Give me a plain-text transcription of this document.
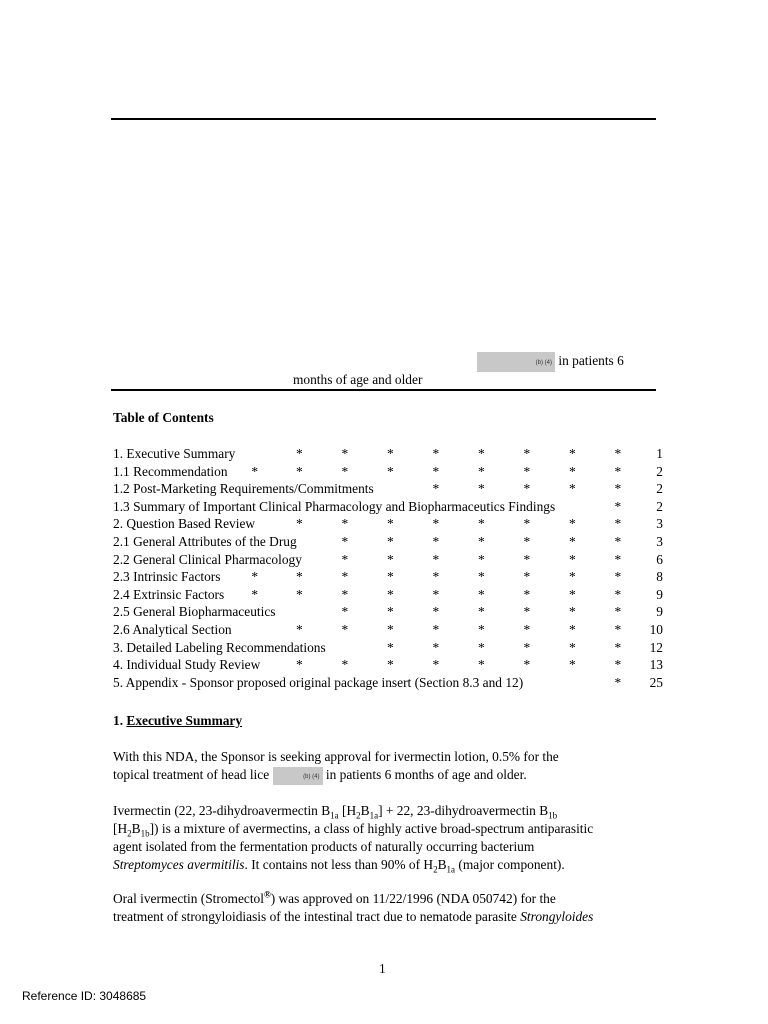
(b) (4) in patients 6
months of age and older
Table of Contents
1. Executive Summary	*	*	*	*	*	*	*	*	1
1.1 Recommendation *	*	*	*	*	*	*	*	*	2
1.2 Post-Marketing Requirements/Commitments	*	*	*	*	*	2
1.3 Summary of Important Clinical Pharmacology and Biopharmaceutics Findings	*	2
2. Question Based Review	*	*	*	*	*	*	*	*	3
2.1 General Attributes of the Drug	*	*	*	*	*	*	*	3
2.2 General Clinical Pharmacology	*	*	*	*	*	*	*	6
2.3 Intrinsic Factors *	*	*	*	*	*	*	*	*	8
2.4 Extrinsic Factors *	*	*	*	*	*	*	*	*	9
2.5 General Biopharmaceutics	*	*	*	*	*	*	*	9
2.6 Analytical Section	*	*	*	*	*	*	*	*	10
3. Detailed Labeling Recommendations	*	*	*	*	*	*	12
4. Individual Study Review	*	*	*	*	*	*	*	*	13
5. Appendix - Sponsor proposed original package insert (Section 8.3 and 12)	*	25
1. Executive Summary
With this NDA, the Sponsor is seeking approval for ivermectin lotion, 0.5% for the
topical treatment of head lice	(b) (4) in patients 6 months of age and older.
Ivermectin (22, 23-dihydroavermectin $B_{1a}$ $[H_2B_{1a}] + 22$, 23-dihydroavermectin $B_{1b}$
$[H_2B_{1b}]$) is a mixture of avermectins, a class of highly active broad-spectrum antiparasitic
agent isolated from the fermentation products of naturally occurring bacterium
Streptomyces avermitilis. It contains not less than 90% of $H_2B_{1a}$ (major component).
Oral ivermectin (Stromectol®) was approved on 11/22/1996 (NDA 050742) for the
treatment of strongyloidiasis of the intestinal tract due to nematode parasite Strongyloides
1
Reference ID: 3048685
